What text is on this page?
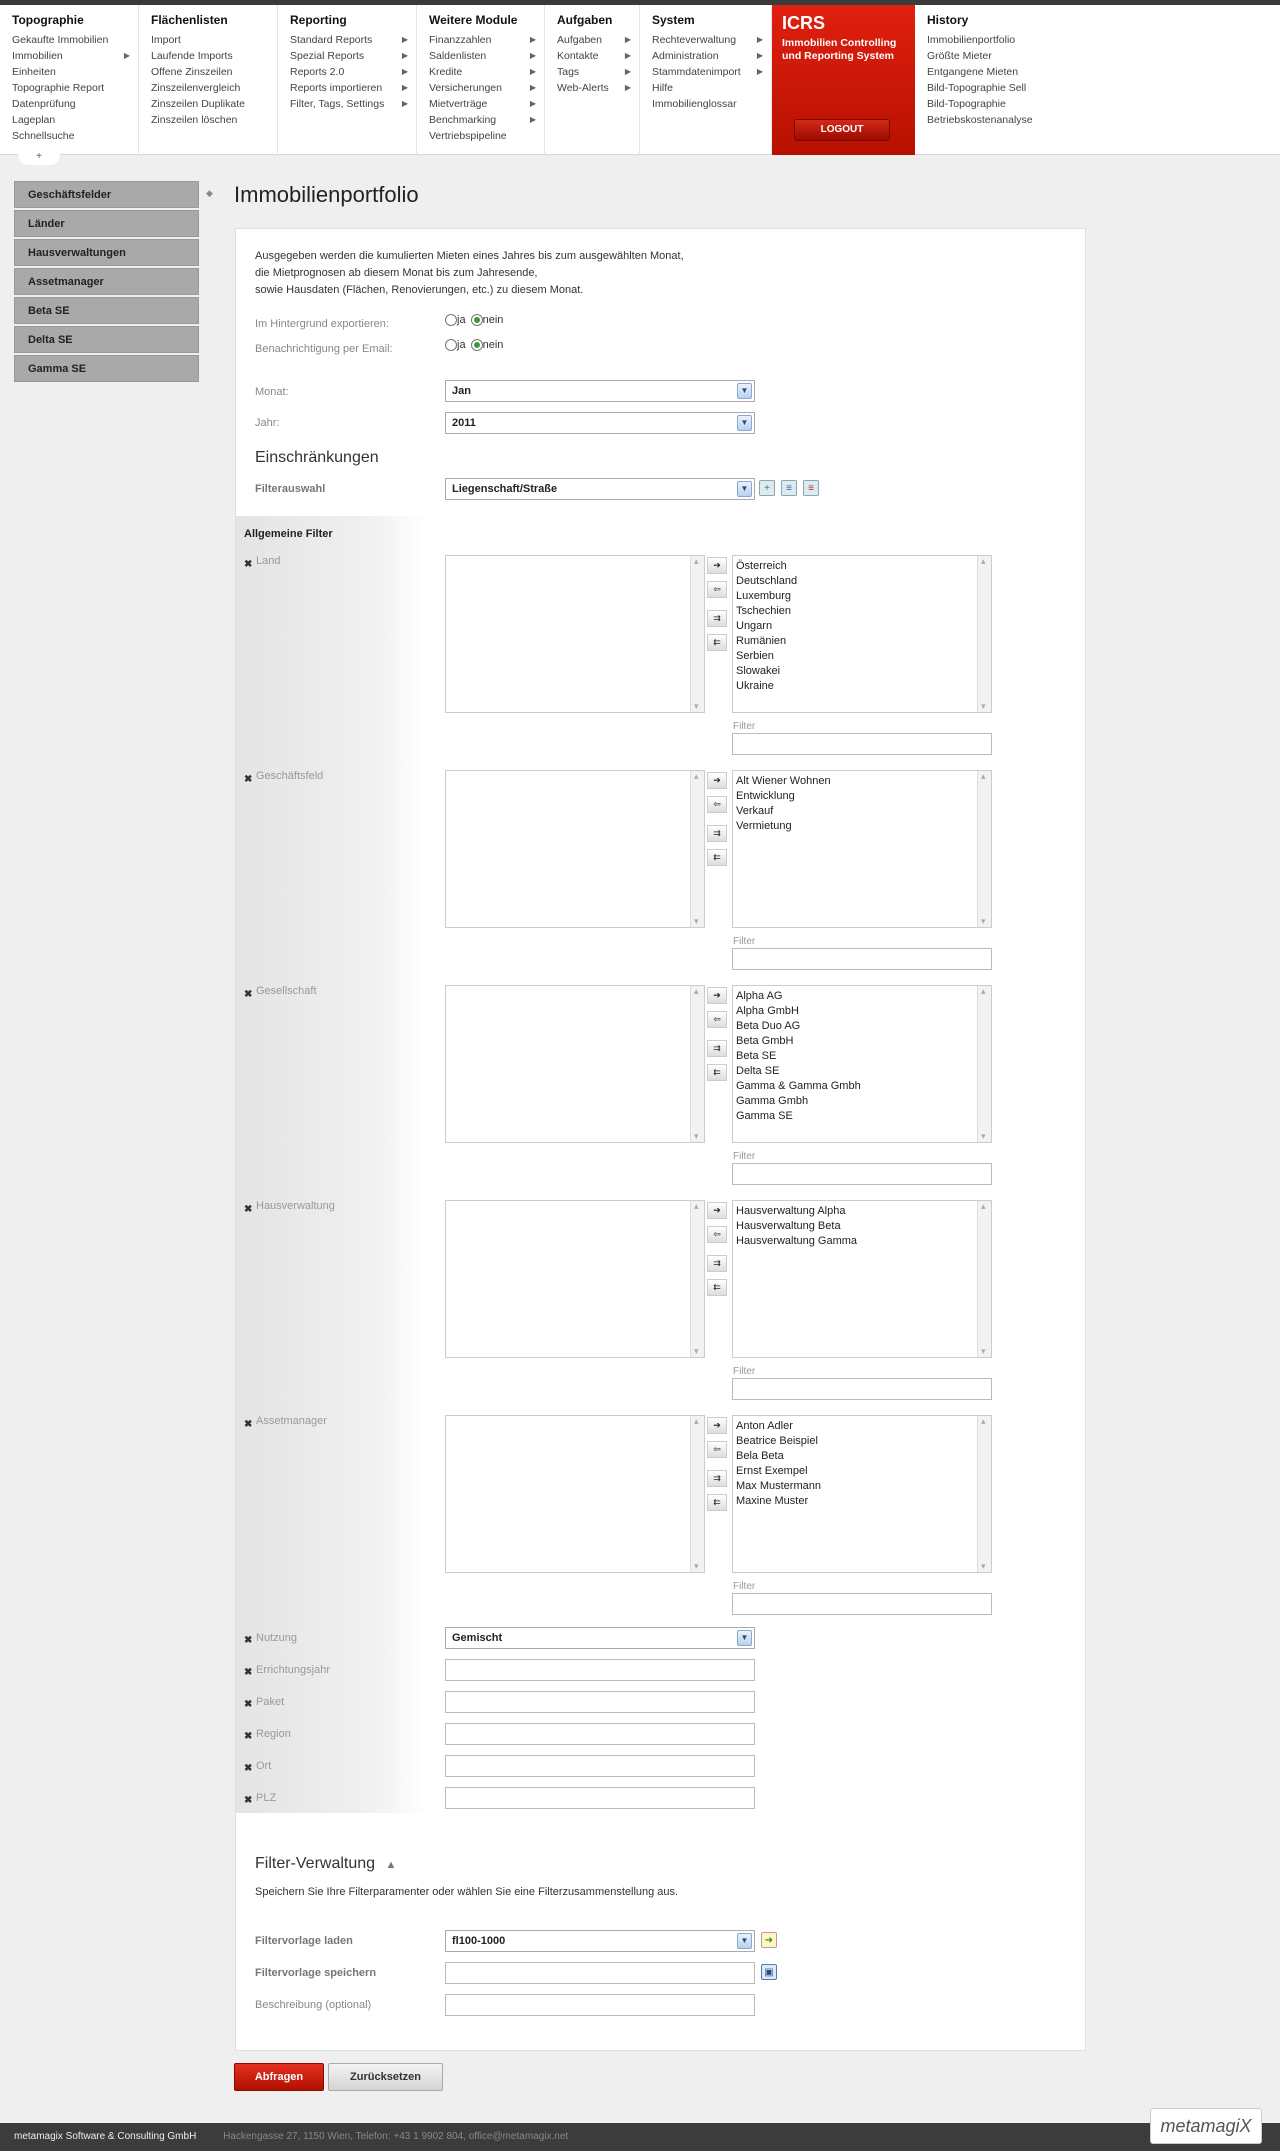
Topographie
Gekaufte Immobilien
Immobilien	▶
Einheiten
Topographie Report
Datenprüfung
Lageplan
Schnellsuche
Flächenlisten
Import
Laufende Imports
Offene Zinszeilen
Zinszeilenvergleich
Zinszeilen Duplikate
Zinszeilen löschen
Reporting
Standard Reports	▶
Spezial Reports	▶
Reports 2.0	▶
Reports importieren ▶
Filter, Tags, Settings ▶
Weitere Module
Finanzzahlen	▶
Saldenlisten	▶
Kredite	▶
Versicherungen	▶
Mietverträge	▶
Benchmarking	▶
Vertriebspipeline
Aufgaben
Aufgaben	▶
Kontakte	▶
Tags	▶
Web-Alerts ▶
System
Rechteverwaltung	▶
Administration	▶
Stammdatenimport ▶
Hilfe
Immobilienglossar
ICRS
Immobilien Controlling und Reporting System
LOGOUT
History
Immobilienportfolio
Größte Mieter
Entgangene Mieten
Bild-Topographie Sell
Bild-Topographie
Betriebskostenanalyse
+
Geschäftsfelder
Länder
Hausverwaltungen
Assetmanager
Beta SE
Delta SE
Gamma SE
◆ Immobilienportfolio
Ausgegeben werden die kumulierten Mieten eines Jahres bis zum ausgewählten Monat,
die Mietprognosen ab diesem Monat bis zum Jahresende,
sowie Hausdaten (Flächen, Renovierungen, etc.) zu diesem Monat.
Im Hintergrund exportieren:	ja nein
Benachrichtigung per Email:	ja nein
Monat:	Jan	▼
Jahr:	2011	▼
Einschränkungen
Filterauswahl	Liegenschaft/Straße	▼	+	≡	≡
Allgemeine Filter
✖ Nutzung	Gemischt	▼
Filter-Verwaltung ▲
Speichern Sie Ihre Filterparamenter oder wählen Sie eine Filterzusammenstellung aus.
Filtervorlage laden	fl100-1000	▼	➜
Filtervorlage speichern	▣
Beschreibung (optional)
✖ Land ▴ ▾	➔
⇦
⇉
⇇
Österreich
Deutschland
Luxemburg
Tschechien
Ungarn
Rumänien
Serbien
Slowakei
Ukraine
▴ ▾
Filter
✖ Geschäftsfeld ▴ ▾	➔
⇦
⇉
⇇
Alt Wiener Wohnen
Entwicklung
Verkauf
Vermietung
▴ ▾
Filter
✖ Gesellschaft ▴ ▾	➔
⇦
⇉
⇇
Alpha AG
Alpha GmbH
Beta Duo AG
Beta GmbH
Beta SE
Delta SE
Gamma & Gamma Gmbh
Gamma Gmbh
Gamma SE
▴ ▾
Filter
✖ Hausverwaltung ▴ ▾	➔
⇦
⇉
⇇
Hausverwaltung Alpha
Hausverwaltung Beta
Hausverwaltung Gamma
▴ ▾
Filter
✖ Assetmanager ▴ ▾	➔
⇦
⇉
⇇
Anton Adler
Beatrice Beispiel
Bela Beta
Ernst Exempel
Max Mustermann
Maxine Muster
▴ ▾
Filter
✖ Errichtungsjahr
✖ Paket
✖ Region
✖ Ort
✖ PLZ
Abfragen	Zurücksetzen
metamagix Software & Consulting GmbH	Hackengasse 27, 1150 Wien, Telefon: +43 1 9902 804, office@metamagix.net
metamagiX
